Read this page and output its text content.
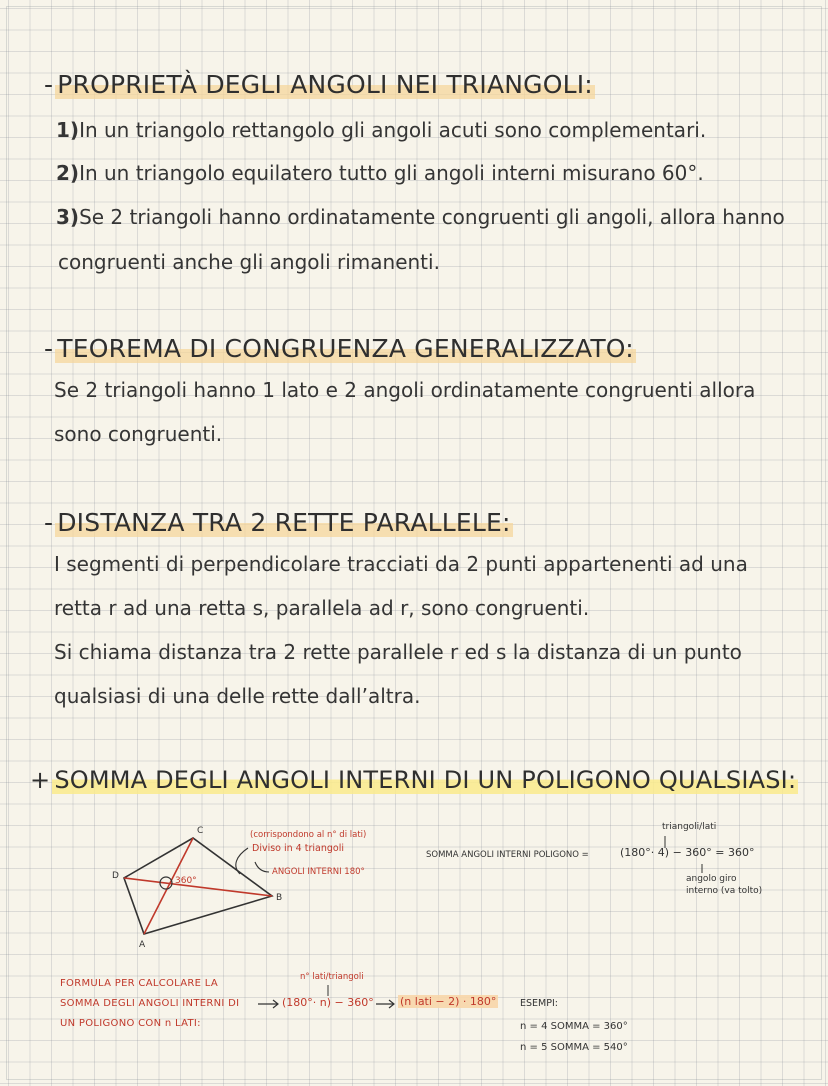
- PROPRIETÀ DEGLI ANGOLI NEI TRIANGOLI:
1)In un triangolo rettangolo gli angoli acuti sono complementari.
2)In un triangolo equilatero tutto gli angoli interni misurano 60°.
3)Se 2 triangoli hanno ordinatamente congruenti gli angoli, allora hanno
congruenti anche gli angoli rimanenti.
- TEOREMA DI CONGRUENZA GENERALIZZATO:
Se 2 triangoli hanno 1 lato e 2 angoli ordinatamente congruenti allora
sono congruenti.
- DISTANZA TRA 2 RETTE PARALLELE:
I segmenti di perpendicolare tracciati da 2 punti appartenenti ad una
retta r ad una retta s, parallela ad r, sono congruenti.
Si chiama distanza tra 2 rette parallele r ed s la distanza di un punto
qualsiasi di una delle rette dall’altra.
+ SOMMA DEGLI ANGOLI INTERNI DI UN POLIGONO QUALSIASI:
C
D
B
A
360°
(corrispondono al n° di lati)
Diviso in 4 triangoli
ANGOLI INTERNI 180°
SOMMA ANGOLI INTERNI POLIGONO =	(180°· 4) − 360° = 360°
triangoli/lati
angolo giro
interno (va tolto)
FORMULA PER CALCOLARE LA
SOMMA DEGLI ANGOLI INTERNI DI
UN POLIGONO CON n LATI:
n° lati/triangoli
(180°· n) − 360° (n lati − 2) · 180° ESEMPI:
n = 4 SOMMA = 360°
n = 5 SOMMA = 540°
